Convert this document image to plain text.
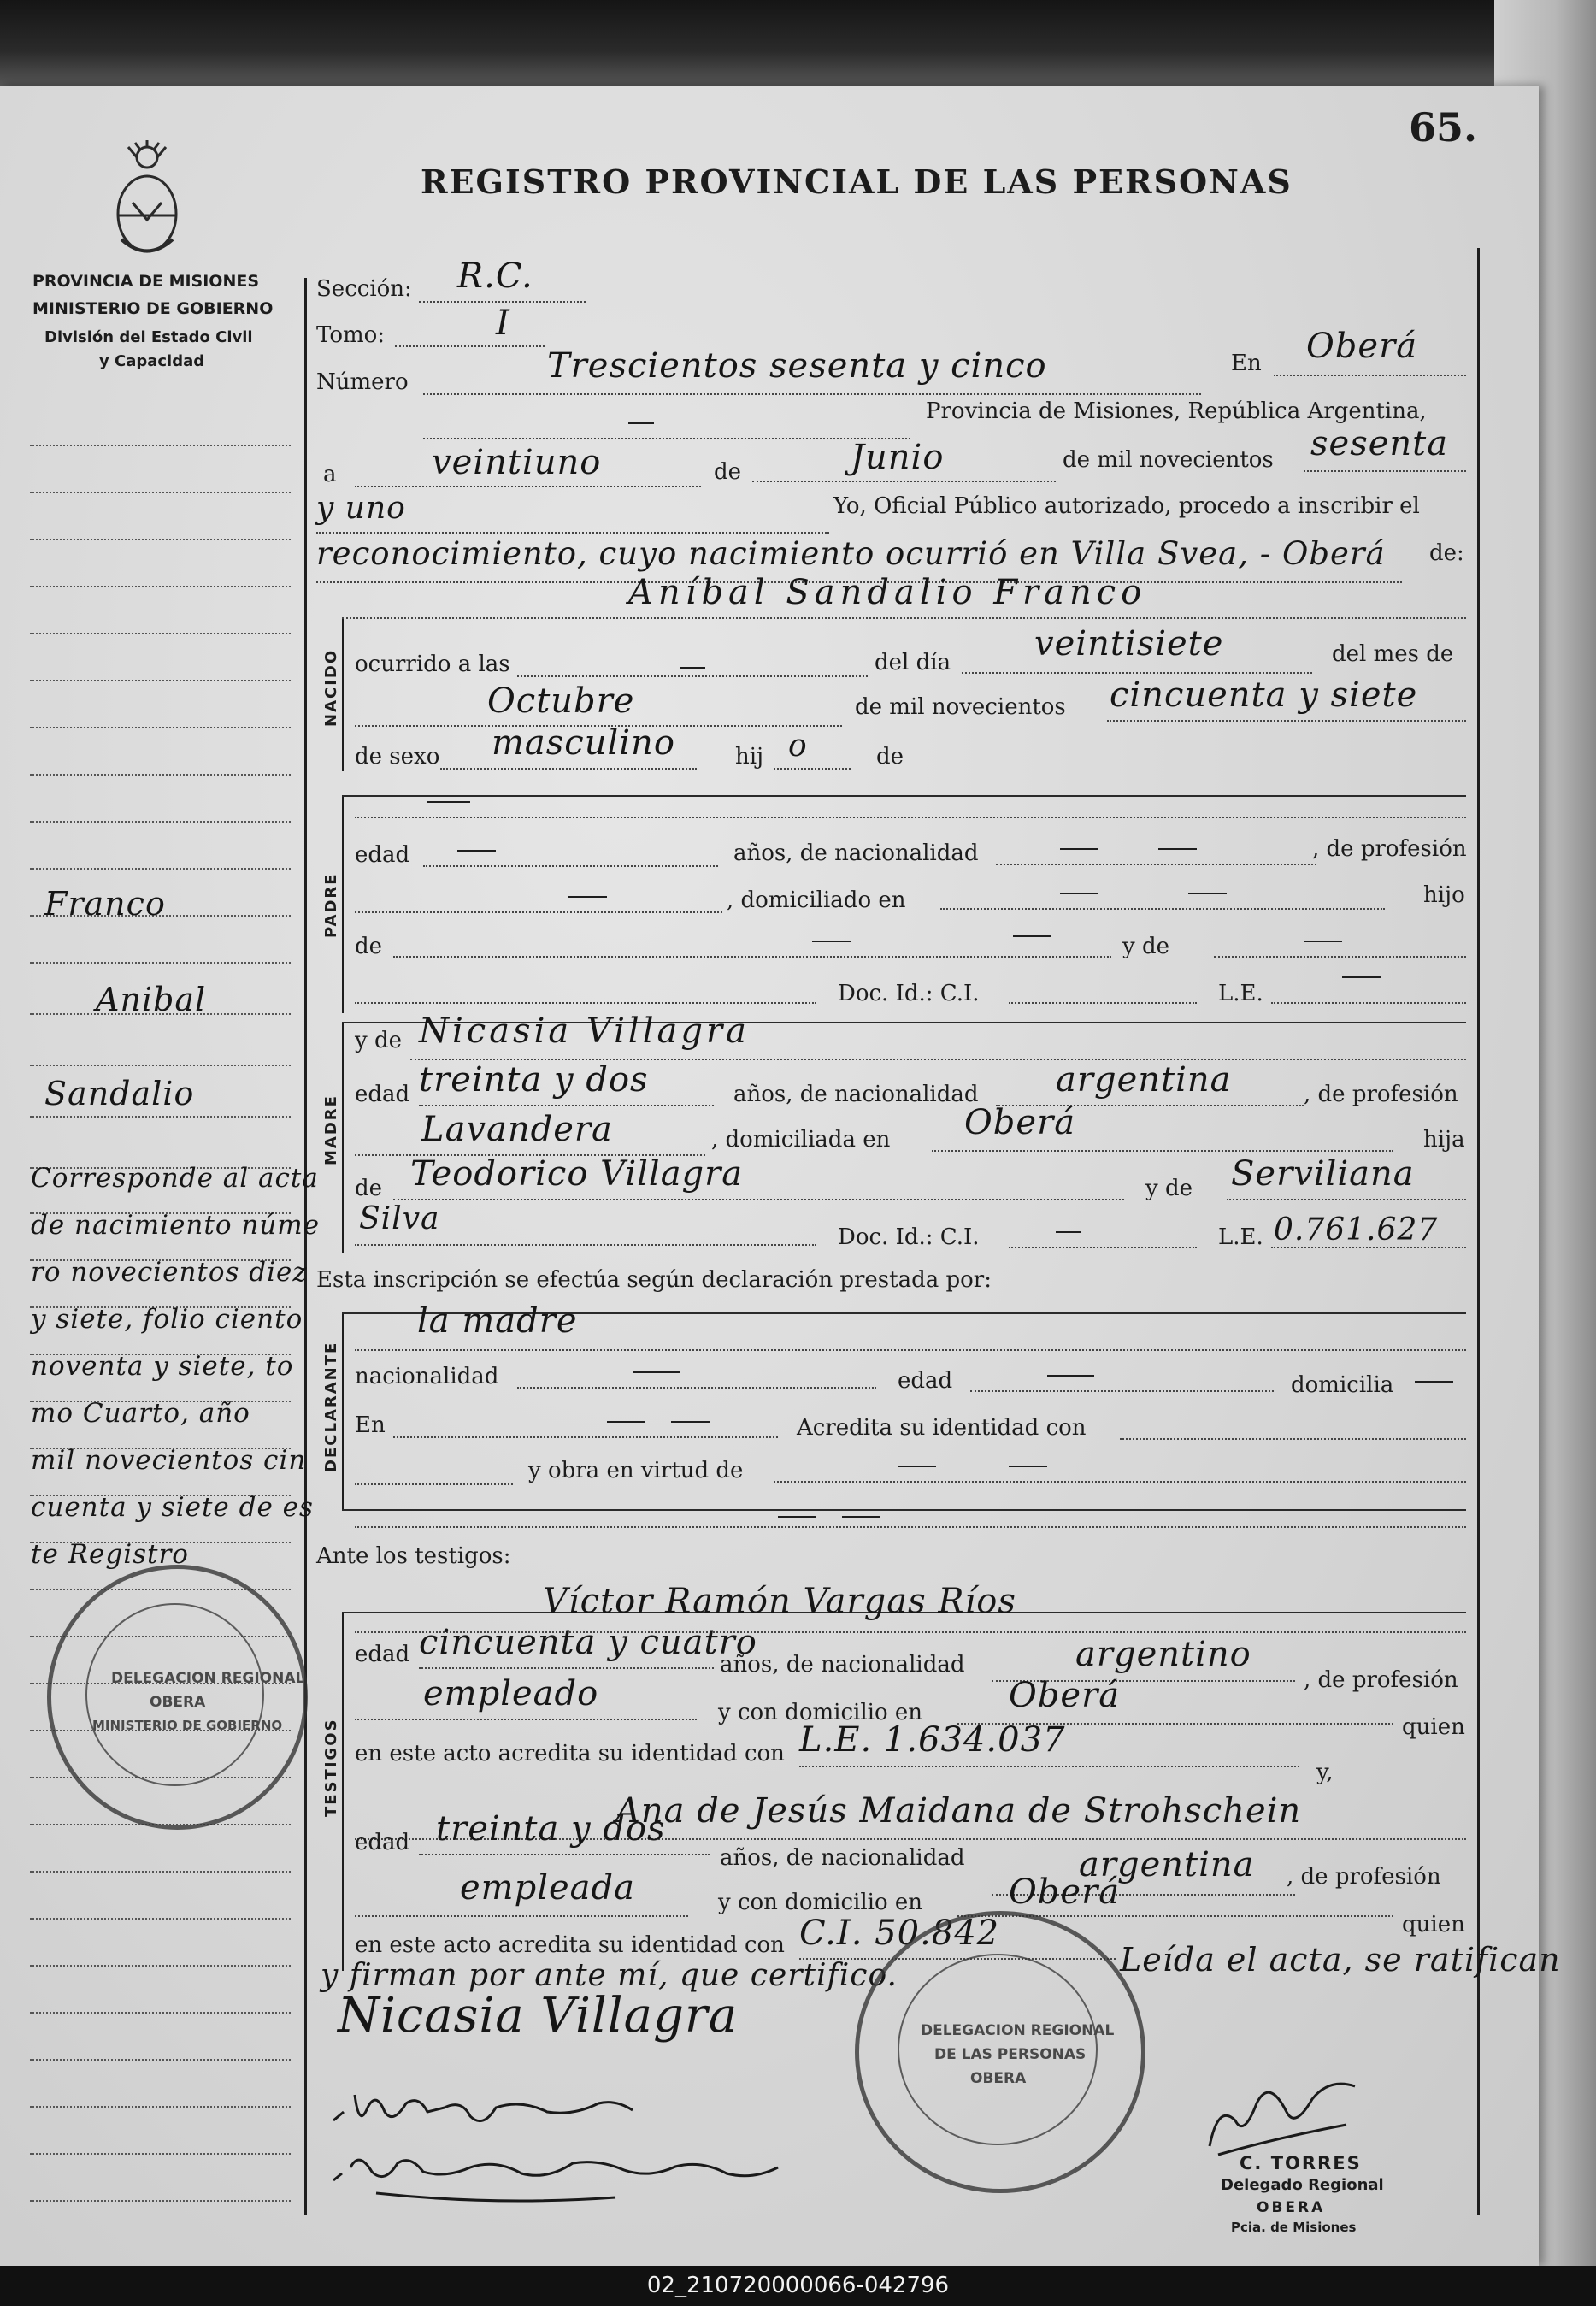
65.
REGISTRO PROVINCIAL DE LAS PERSONAS
PROVINCIA DE MISIONES
MINISTERIO DE GOBIERNO
División del Estado Civil
y Capacidad
Franco
Anibal
Sandalio
Corresponde al acta
de nacimiento núme
ro novecientos diez
y siete, folio ciento
noventa y siete, to
mo Cuarto, año
mil novecientos cin
cuenta y siete de es
te Registro
DELEGACION REGIONAL
OBERA
MINISTERIO DE GOBIERNO
NACIDO
PADRE
MADRE
DECLARANTE
TESTIGOS
Sección: R.C.
Tomo:	I
Número	Trescientos sesenta y cinco	En Oberá
Provincia de Misiones, República Argentina,
a	veintiuno	de	Junio	de mil novecientos sesenta
y uno	Yo, Oficial Público autorizado, procedo a inscribir el
reconocimiento, cuyo nacimiento ocurrió en Villa Svea, - Oberá de:
Aníbal Sandalio Franco
ocurrido a las	del día veintisiete	del mes de
Octubre	de mil novecientos cincuenta y siete
de sexo masculino	hij o	de
edad	años, de nacionalidad	, de profesión
, domiciliado en	hijo
de	y de
Doc. Id.: C.I.	L.E.
y de Nicasia Villagra
edad treinta y dos	años, de nacionalidad argentina	, de profesión
Lavandera	, domiciliada en Oberá	hija
de Teodorico Villagra	y de Serviliana
Silva
Doc. Id.: C.I.	L.E. 0.761.627
Esta inscripción se efectúa según declaración prestada por:
la madre
nacionalidad	edad	domicilia
En	Acredita su identidad con
y obra en virtud de
Ante los testigos:
Víctor Ramón Vargas Ríos
edad cincuenta y cuatro
años, de nacionalidad	argentino
, de profesión
empleado	y con domicilio en	Oberá
quien
en este acto acredita su identidad con L.E. 1.634.037
y,
Ana de Jesús Maidana de Strohschein
edad treinta y dos
años, de nacionalidad	argentina , de profesión
empleada	y con domicilio en	Oberá
quien
en este acto acredita su identidad con C.I. 50.842
Leída el acta, se ratifican
y firman por ante mí, que certifico.
Nicasia Villagra	DELEGACION REGIONAL
DE LAS PERSONAS
OBERA
C. TORRES
Delegado Regional
OBERA
Pcia. de Misiones
02_210720000066-042796
